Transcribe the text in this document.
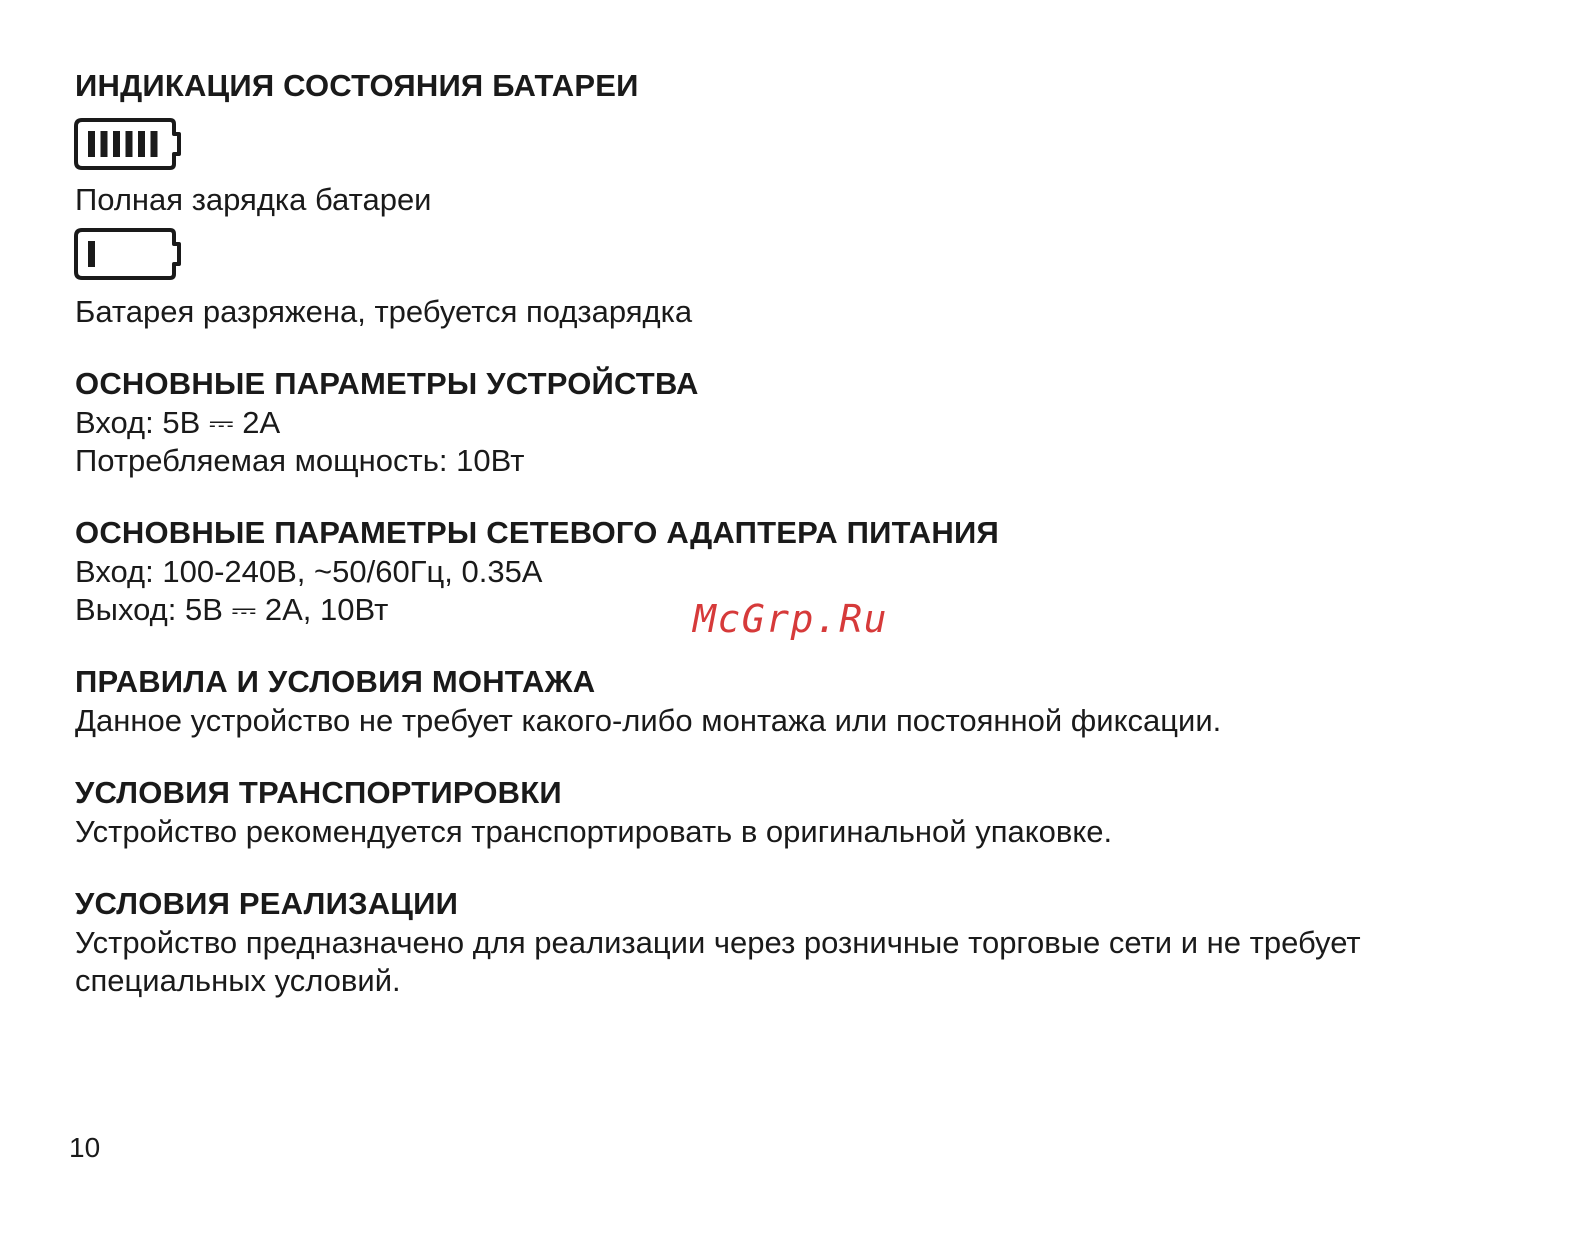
ИНДИКАЦИЯ СОСТОЯНИЯ БАТАРЕИ
Полная зарядка батареи
Батарея разряжена, требуется подзарядка
ОСНОВНЫЕ ПАРАМЕТРЫ УСТРОЙСТВА
Вход: 5В ⎓ 2А
Потребляемая мощность: 10Вт
ОСНОВНЫЕ ПАРАМЕТРЫ СЕТЕВОГО АДАПТЕРА ПИТАНИЯ
Вход: 100-240В, ~50/60Гц, 0.35А
Выход: 5В ⎓ 2А, 10Вт	McGrp.Ru
ПРАВИЛА И УСЛОВИЯ МОНТАЖА
Данное устройство не требует какого-либо монтажа или постоянной фиксации.
УСЛОВИЯ ТРАНСПОРТИРОВКИ
Устройство рекомендуется транспортировать в оригинальной упаковке.
УСЛОВИЯ РЕАЛИЗАЦИИ
Устройство предназначено для реализации через розничные торговые сети и не требует
специальных условий.
10
